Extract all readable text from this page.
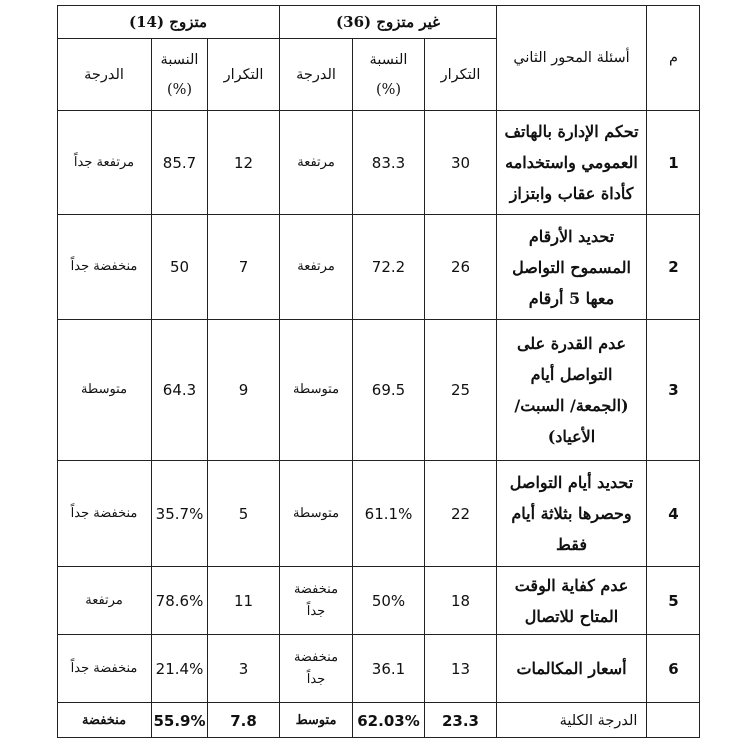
م
أسئلة المحور الثاني
غير متزوج (36)
متزوج (14)
التكرار
النسبة
(%)
الدرجة
التكرار
النسبة
(%)
الدرجة
1
تحكم الإدارة بالهاتف العمومي واستخدامه كأداة عقاب وابتزاز
30
83.3
مرتفعة
12
85.7
مرتفعة جداً
2
تحديد الأرقام المسموح التواصل معها 5 أرقام
26
72.2
مرتفعة
7
50
منخفضة جداً
3
عدم القدرة على التواصل أيام (الجمعة/ السبت/ الأعياد)
25
69.5
متوسطة
9
64.3
متوسطة
4
تحديد أيام التواصل وحصرها بثلاثة أيام فقط
22
61.1%
متوسطة
5
35.7%
منخفضة جداً
5
عدم كفاية الوقت المتاح للاتصال
18
50%
منخفضة جداً
11
78.6%
مرتفعة
6
أسعار المكالمات
13
36.1
منخفضة جداً
3
21.4%
منخفضة جداً
الدرجة الكلية
23.3
62.03%
متوسط
7.8
55.9%
منخفضة
